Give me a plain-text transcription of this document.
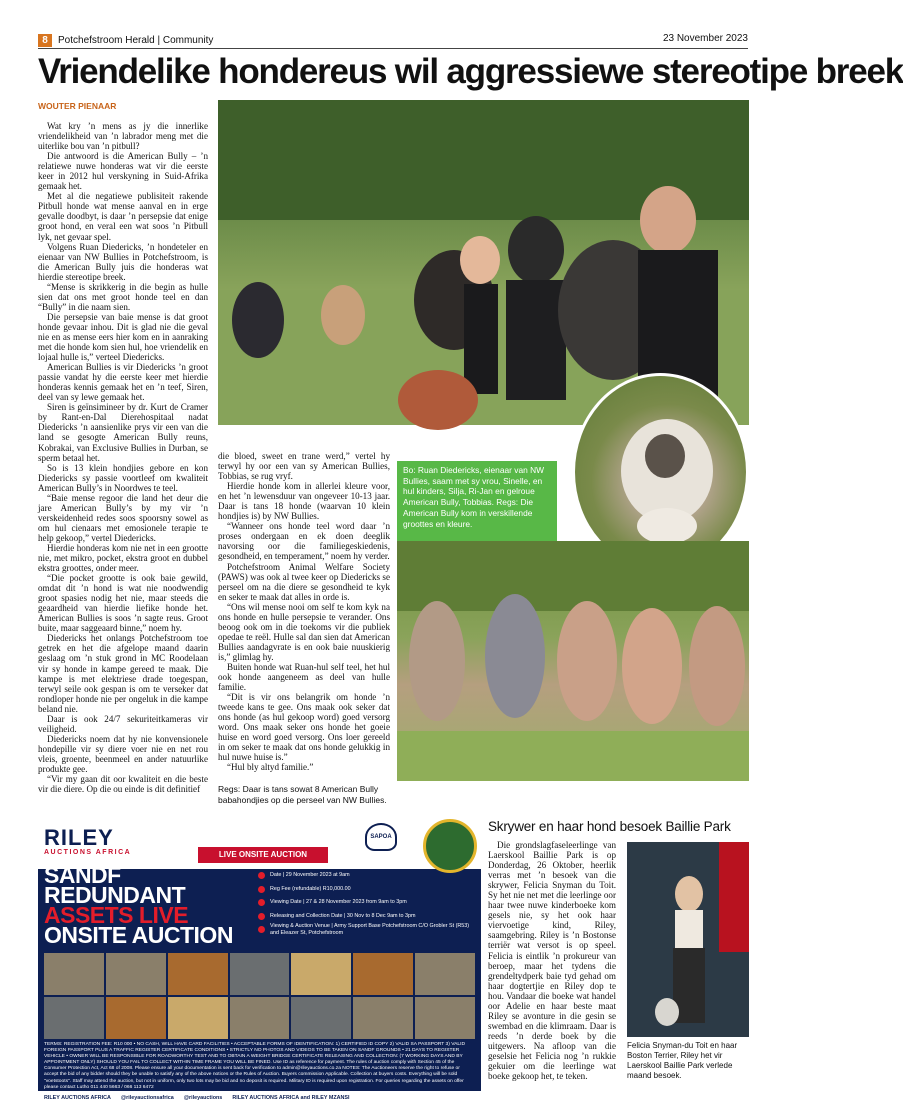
8	Potchefstroom Herald | Community	23 November 2023
Vriendelike hondereus wil aggressiewe stereotipe breek
WOUTER PIENAAR

Wat kry ’n mens as jy die innerlike vriendelikheid van ’n labrador meng met die uiterlike bou van ’n pitbull?

Die antwoord is die American Bully – ’n relatiewe nuwe honderas wat vir die eerste keer in 2012 hul verskyning in Suid-Afrika gemaak het.

Met al die negatiewe publisiteit rakende Pitbull honde wat mense aanval en in erge gevalle doodbyt, is daar ’n persepsie dat enige groot hond, en veral een wat soos ’n Pitbull lyk, net gevaar spel.

Volgens Ruan Diedericks, ’n hondeteler en eienaar van NW Bullies in Potchefstroom, is die American Bully juis die honderas wat hierdie stereotipe breek.

“Mense is skrikkerig in die begin as hulle sien dat ons met groot honde teel en dan “Bully” in die naam sien.

Die persepsie van baie mense is dat groot honde gevaar inhou. Dit is glad nie die geval nie en as mense eers hier kom en in aanraking met die honde kom sien hul, hoe vriendelik en lojaal hulle is,” verteel Diedericks.

American Bullies is vir Diedericks ’n groot passie vandat hy die eerste keer met hierdie honderas kennis gemaak het en ’n teef, Siren, deel van sy lewe gemaak het.

Siren is geïnsimineer by dr. Kurt de Cramer by Rant-en-Dal Dierehospitaal nadat Diedericks ’n aansienlike prys vir een van die land se gesogte American Bully reuns, Kobrakai, van Exclusive Bullies in Durban, se sperm betaal het.

So is 13 klein hondjies gebore en kon Diedericks sy passie voortleef om kwaliteit American Bully’s in Noordwes te teel.

“Baie mense regoor die land het deur die jare American Bully’s by my vir ’n verskeidenheid redes soos spoorsny sowel as om hul cienaars met emosionele terapie te help gekoop,” vertel Diedericks.

Hierdie honderas kom nie net in een grootte nie, met mikro, pocket, ekstra groot en dubbel ekstra groottes, onder meer.

“Die pocket grootte is ook baie gewild, omdat dit ’n hond is wat nie noodwendig groot spasies nodig het nie, maar steeds die geaardheid van hierdie liefike honde het. American Bullies is soos ’n sagte reus. Groot buite, maar saggeaard binne,” noem hy.

Diedericks het onlangs Potchefstroom toe getrek en het die afgelope maand daarin geslaag om ’n stuk grond in MC Roodelaan vir sy honde in kampe gereed te maak. Die kampe is met elektriese drade toegespan, terwyl seile ook gespan is om te verseker dat rondloper honde nie per ongeluk in die kampe beland nie.

Daar is ook 24/7 sekuriteitkameras vir veiligheid.

Diedericks noem dat hy nie konvensionele hondepille vir sy diere voer nie en net rou vleis, groente, beenmeel en ander natuurlike produkte gee.

“Vir my gaan dit oor kwaliteit en die beste vir die diere. Op die ou einde is dit definitief

Bo: Ruan Diedericks, eienaar van NW Bullies, saam met sy vrou, Sinelle, en hul kinders, Silja, Ri-Jan en gelroue American Bully, Tobbias. Regs: Die American Bully kom in verskillende groottes en kleure.

die bloed, sweet en trane werd,” vertel hy terwyl hy oor een van sy American Bullies, Tobbias, se rug vryf.

Hierdie honde kom in allerlei kleure voor, en het ’n lewensduur van ongeveer 10-13 jaar. Daar is tans 18 honde (waarvan 10 klein hondjies is) by NW Bullies.

“Wanneer ons honde teel word daar ’n proses ondergaan en ek doen deeglik navorsing oor die familiegeskiedenis, gesondheid, en temperament,” noem hy verder.

Potchefstroom Animal Welfare Society (PAWS) was ook al twee keer op Diedericks se perseel om na die diere se gesondheid te kyk en seker te maak dat alles in orde is.

“Ons wil mense nooi om self te kom kyk na ons honde en hulle persepsie te verander. Ons beoog ook om in die toekoms vir die publiek opedae te reël. Hulle sal dan sien dat American Bullies aandagvrate is en ook baie nuuskierig is,” glimlag hy.

Buiten honde wat Ruan-hul self teel, het hul ook honde aangeneem as deel van hulle familie.

“Dit is vir ons belangrik om honde ’n tweede kans te gee. Ons maak ook seker dat ons honde (as hul gekoop word) goed versorg word. Ons maak seker ons honde het goeie huise en word goed versorg. Ons loer gereeld in om seker te maak dat ons honde gelukkig in hul nuwe huise is.”

“Hul bly altyd familie.”

Regs: Daar is tans sowat 8 American Bully babahondjies op die perseel van NW Bullies.
RILEY
AUCTIONS AFRICA
SAPOA
LIVE ONSITE AUCTION
SANDF
REDUNDANT
ASSETS LIVE
ONSITE AUCTION
Date | 29 November 2023 at 9am
Reg Fee (refundable) R10,000.00
Viewing Date | 27 & 28 November 2023 from 9am to 3pm
Releasing and Collection Date | 30 Nov to 8 Dec 9am to 3pm
Viewing & Auction Venue | Army Support Base Potchefstroom C/O Grobler St (R53) and Eleazer St, Potchefstroom
TERMS: REGISTRATION FEE: R10 000 • NO CASH, WILL HAVE CARD FACILITIES • ACCEPTABLE FORMS OF IDENTIFICATION: 1) CERTIFIED ID COPY 2) VALID SA PASSPORT 3) VALID FOREIGN PASSPORT PLUS A TRAFFIC REGISTER CERTIFICATE CONDITIONS • STRICTLY NO PHOTOS AND VIDEOS TO BE TAKEN ON SANDF GROUNDS • 21 DAYS TO REGISTER VEHICLE • OWNER WILL BE RESPONSIBLE FOR ROADWORTHY TEST AND TO OBTAIN A WEIGHT BRIDGE CERTIFICATE RELEASING AND COLLECTION: (7 WORKING DAYS AND BY APPOINTMENT ONLY) SHOULD YOU FAIL TO COLLECT WITHIN TIME FRAME YOU WILL BE FINED. Use ID as reference for payment. The rules of auction comply with Section 45 of the Consumer Protection Act, Act 68 of 2008. Please ensure all your documentation is sent back for verification to admin@rileyauctions.co.za NOTES: The Auctioneers reserve the right to refuse or accept the bid of any bidder should they be unable to satisfy any of the above notices or the Rules of Auction. Buyers commission Applicable. Collection at buyers costs. Everything will be sold "voetstoots". Staff may attend the auction, but not in uniform, only two lots may be bid and no deposit is required. Military ID is required upon registration. For queries regarding the assets on offer please contact Lutho 011 440 5663 / 066 113 6472
RILEY AUCTIONS AFRICA @rileyauctionsafrica @rileyauctions RILEY AUCTIONS AFRICA and RILEY MZANSI
Skrywer en haar hond besoek Baillie Park

Die grondslagfaseleerlinge van Laerskool Baillie Park is op Donderdag, 26 Oktober, heerlik verras met ’n besoek van die skrywer, Felicia Snyman du Toit. Sy het nie net met die leerlinge oor haar twee nuwe kinderboeke kom gesels nie, sy het ook haar viervoetige kind, Riley, saamgebring. Riley is ’n Bostonse terriër wat versot is op speel. Felicia is eintlik ’n prokureur van beroep, maar het tydens die grendeltydperk baie tyd gehad om haar dogtertjie en Riley dop te hou. Vandaar die boeke wat handel oor Adelie en haar beste maat Riley se avonture in die gesin se swembad en die klimraam. Daar is reeds ’n derde boek by die uitgewers. Na afloop van die geselsie het Felicia nog ’n rukkie gekuier om die leerlinge wat boeke gekoop het, te teken.

Felicia Snyman-du Toit en haar Boston Terrier, Riley het vir Laerskool Baillie Park verlede maand besoek.
